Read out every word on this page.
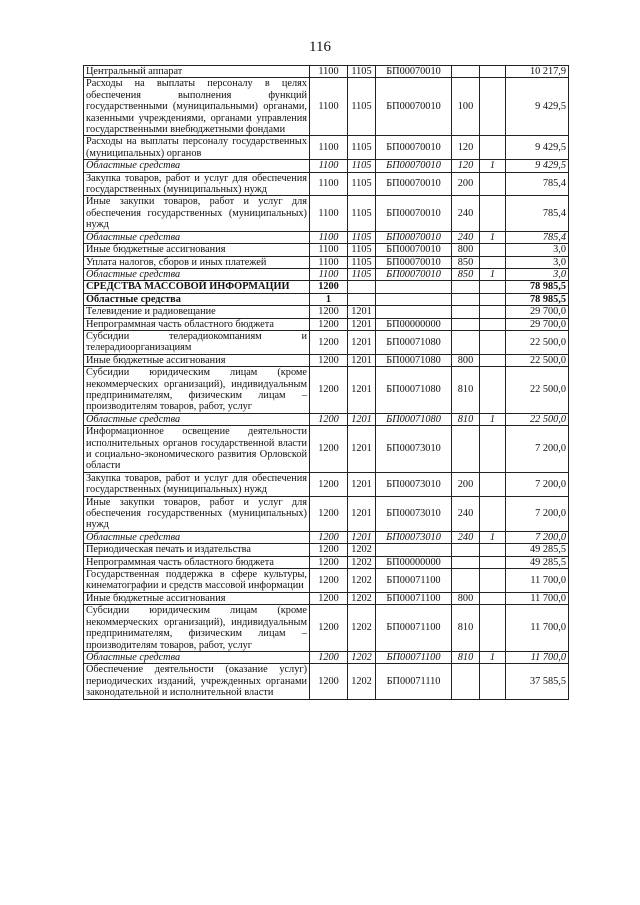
116
Центральный аппарат	1100	1105	БП00070010			10 217,9
Расходы на выплаты персоналу в целях обеспечения выполнения функций государственными (муниципальными) органами, казенными учреждениями, органами управления государственными внебюджетными фондами	1100	1105	БП00070010	100		9 429,5
Расходы на выплаты персоналу государственных (муниципальных) органов	1100	1105	БП00070010	120		9 429,5
Областные средства	1100	1105	БП00070010	120	1	9 429,5
Закупка товаров, работ и услуг для обеспечения государственных (муниципальных) нужд	1100	1105	БП00070010	200		785,4
Иные закупки товаров, работ и услуг для обеспечения государственных (муниципальных) нужд	1100	1105	БП00070010	240		785,4
Областные средства	1100	1105	БП00070010	240	1	785,4
Иные бюджетные ассигнования	1100	1105	БП00070010	800		3,0
Уплата налогов, сборов и иных платежей	1100	1105	БП00070010	850		3,0
Областные средства	1100	1105	БП00070010	850	1	3,0
СРЕДСТВА МАССОВОЙ ИНФОРМАЦИИ	1200					78 985,5
Областные средства	1					78 985,5
Телевидение и радиовещание	1200	1201				29 700,0
Непрограммная часть областного бюджета	1200	1201	БП00000000			29 700,0
Субсидии телерадиокомпаниям и телерадиоорганизациям	1200	1201	БП00071080			22 500,0
Иные бюджетные ассигнования	1200	1201	БП00071080	800		22 500,0
Субсидии юридическим лицам (кроме некоммерческих организаций), индивидуальным предпринимателям, физическим лицам – производителям товаров, работ, услуг	1200	1201	БП00071080	810		22 500,0
Областные средства	1200	1201	БП00071080	810	1	22 500,0
Информационное освещение деятельности исполнительных органов государственной власти и социально-экономического развития Орловской области	1200	1201	БП00073010			7 200,0
Закупка товаров, работ и услуг для обеспечения государственных (муниципальных) нужд	1200	1201	БП00073010	200		7 200,0
Иные закупки товаров, работ и услуг для обеспечения государственных (муниципальных) нужд	1200	1201	БП00073010	240		7 200,0
Областные средства	1200	1201	БП00073010	240	1	7 200,0
Периодическая печать и издательства	1200	1202				49 285,5
Непрограммная часть областного бюджета	1200	1202	БП00000000			49 285,5
Государственная поддержка в сфере культуры, кинематографии и средств массовой информации	1200	1202	БП00071100			11 700,0
Иные бюджетные ассигнования	1200	1202	БП00071100	800		11 700,0
Субсидии юридическим лицам (кроме некоммерческих организаций), индивидуальным предпринимателям, физическим лицам – производителям товаров, работ, услуг	1200	1202	БП00071100	810		11 700,0
Областные средства	1200	1202	БП00071100	810	1	11 700,0
Обеспечение деятельности (оказание услуг) периодических изданий, учрежденных органами законодательной и исполнительной власти	1200	1202	БП00071110			37 585,5
